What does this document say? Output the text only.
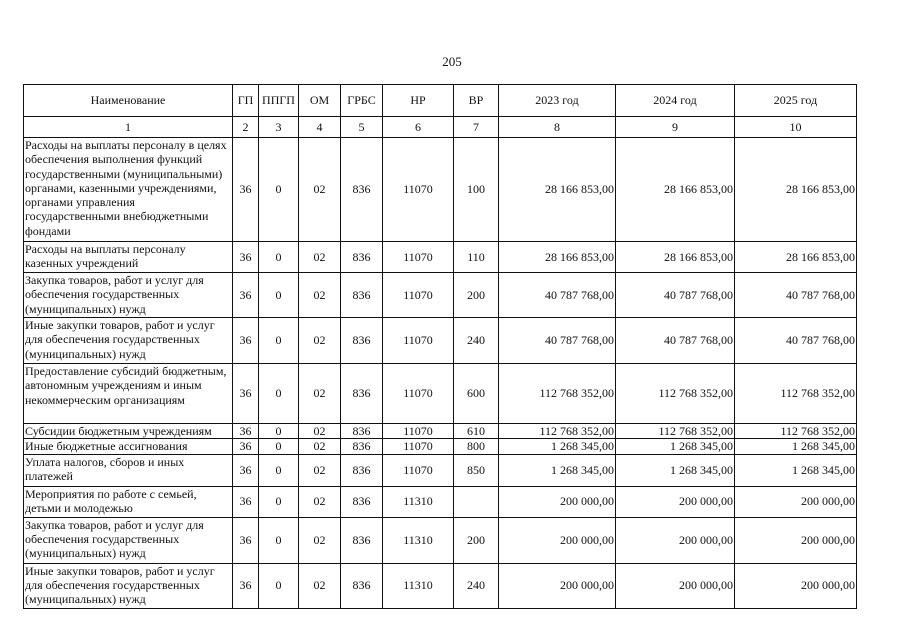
205
Наименование	ГП	ППГП	ОМ	ГРБС	НР	ВР	2023 год	2024 год	2025 год
1	2	3	4	5	6	7	8	9	10
Расходы на выплаты персоналу в целях обеспечения выполнения функций государственными (муниципальными) органами, казенными учреждениями, органами управления государственными внебюджетными фондами	36	0	02	836	11070	100	28 166 853,00	28 166 853,00	28 166 853,00
Расходы на выплаты персоналу казенных учреждений	36	0	02	836	11070	110	28 166 853,00	28 166 853,00	28 166 853,00
Закупка товаров, работ и услуг для обеспечения государственных (муниципальных) нужд	36	0	02	836	11070	200	40 787 768,00	40 787 768,00	40 787 768,00
Иные закупки товаров, работ и услуг для обеспечения государственных (муниципальных) нужд	36	0	02	836	11070	240	40 787 768,00	40 787 768,00	40 787 768,00
Предоставление субсидий бюджетным, автономным учреждениям и иным некоммерческим организациям	36	0	02	836	11070	600	112 768 352,00	112 768 352,00	112 768 352,00
Субсидии бюджетным учреждениям	36	0	02	836	11070	610	112 768 352,00	112 768 352,00	112 768 352,00
Иные бюджетные ассигнования	36	0	02	836	11070	800	1 268 345,00	1 268 345,00	1 268 345,00
Уплата налогов, сборов и иных платежей	36	0	02	836	11070	850	1 268 345,00	1 268 345,00	1 268 345,00
Мероприятия по работе с семьей, детьми и молодежью	36	0	02	836	11310		200 000,00	200 000,00	200 000,00
Закупка товаров, работ и услуг для обеспечения государственных (муниципальных) нужд	36	0	02	836	11310	200	200 000,00	200 000,00	200 000,00
Иные закупки товаров, работ и услуг для обеспечения государственных (муниципальных) нужд	36	0	02	836	11310	240	200 000,00	200 000,00	200 000,00
